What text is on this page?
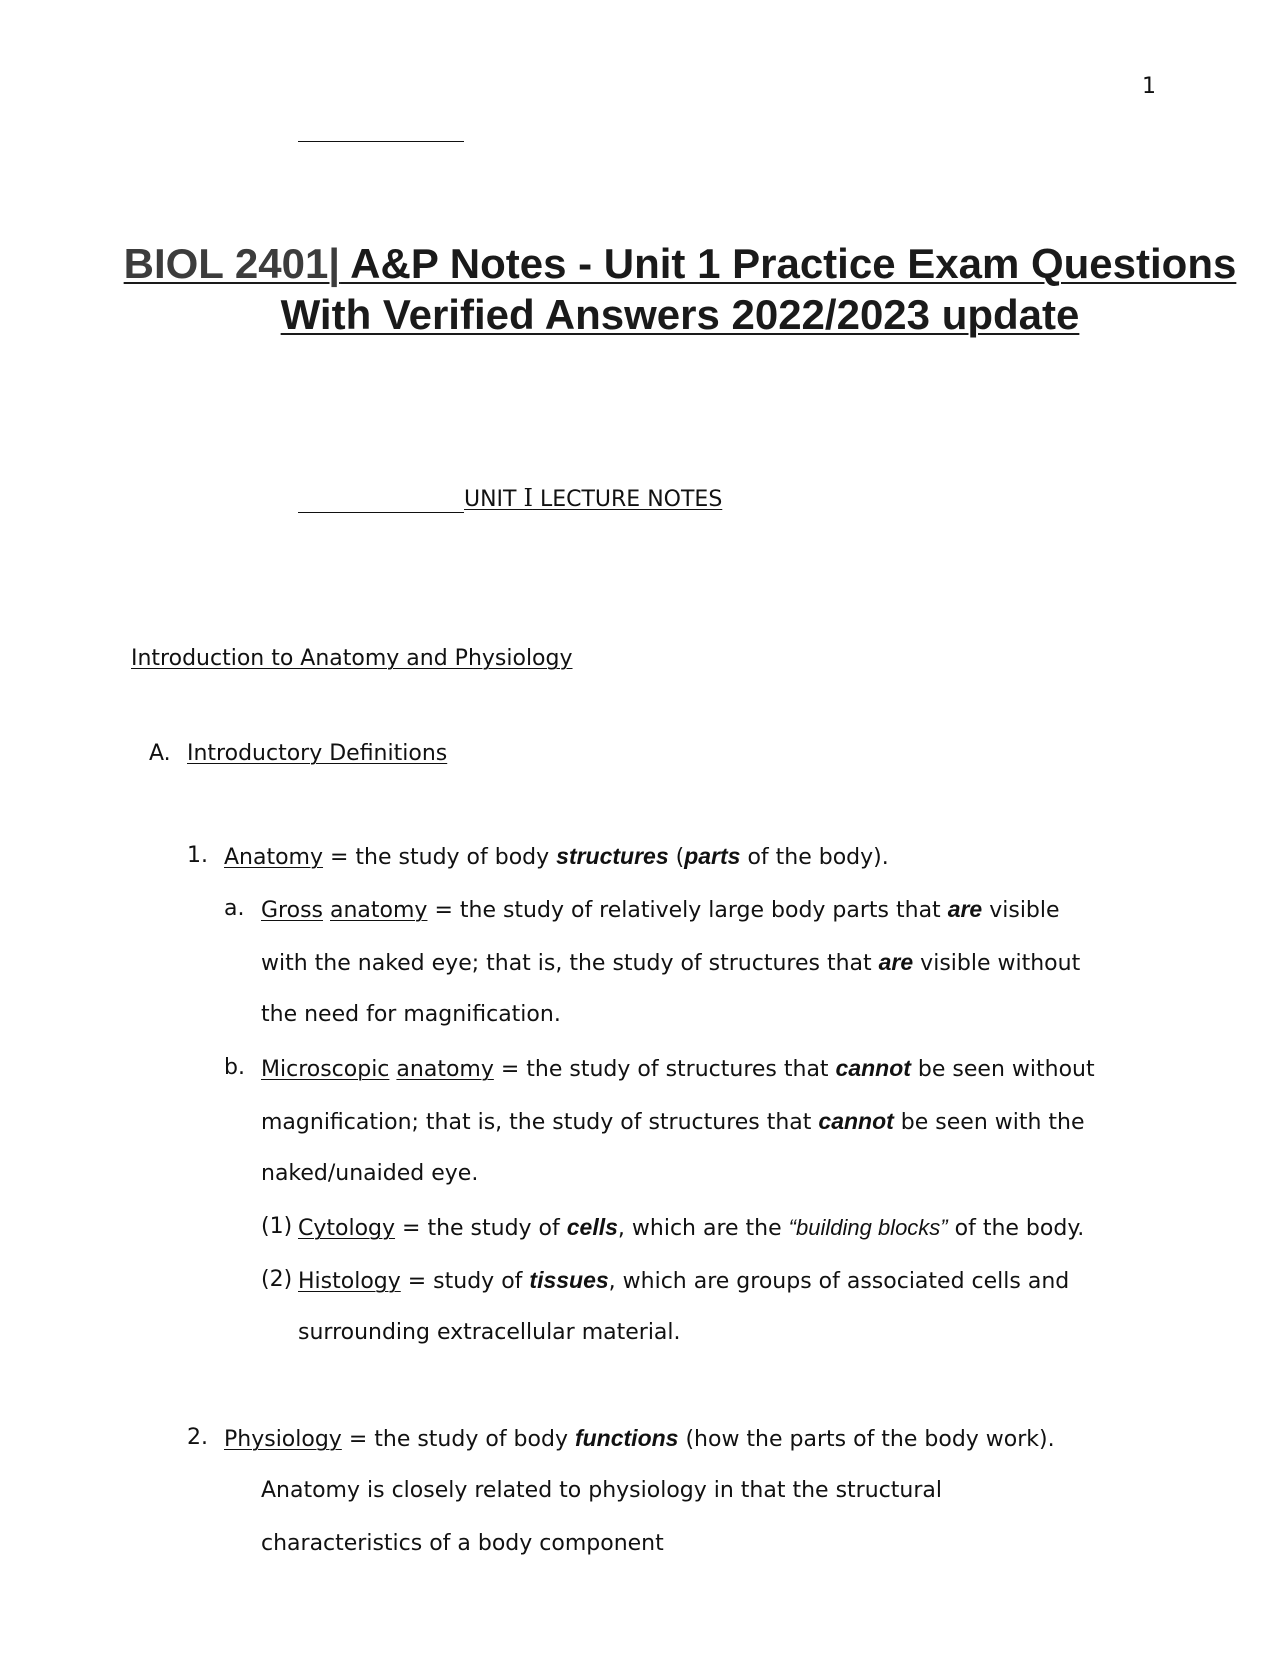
1
BIOL 2401| A&P Notes - Unit 1 Practice Exam Questions
With Verified Answers 2022/2023 update
UNIT I LECTURE NOTES
Introduction to Anatomy and Physiology
A. Introductory Definitions
1. Anatomy = the study of body structures (parts of the body).
a. Gross anatomy = the study of relatively large body parts that are visible
with the naked eye; that is, the study of structures that are visible without
the need for magnification.
b. Microscopic anatomy = the study of structures that cannot be seen without
magnification; that is, the study of structures that cannot be seen with the
naked/unaided eye.
(1) Cytology = the study of cells, which are the “building blocks” of the body.
(2) Histology = study of tissues, which are groups of associated cells and
surrounding extracellular material.
2. Physiology = the study of body functions (how the parts of the body work).
Anatomy is closely related to physiology in that the structural
characteristics of a body component
